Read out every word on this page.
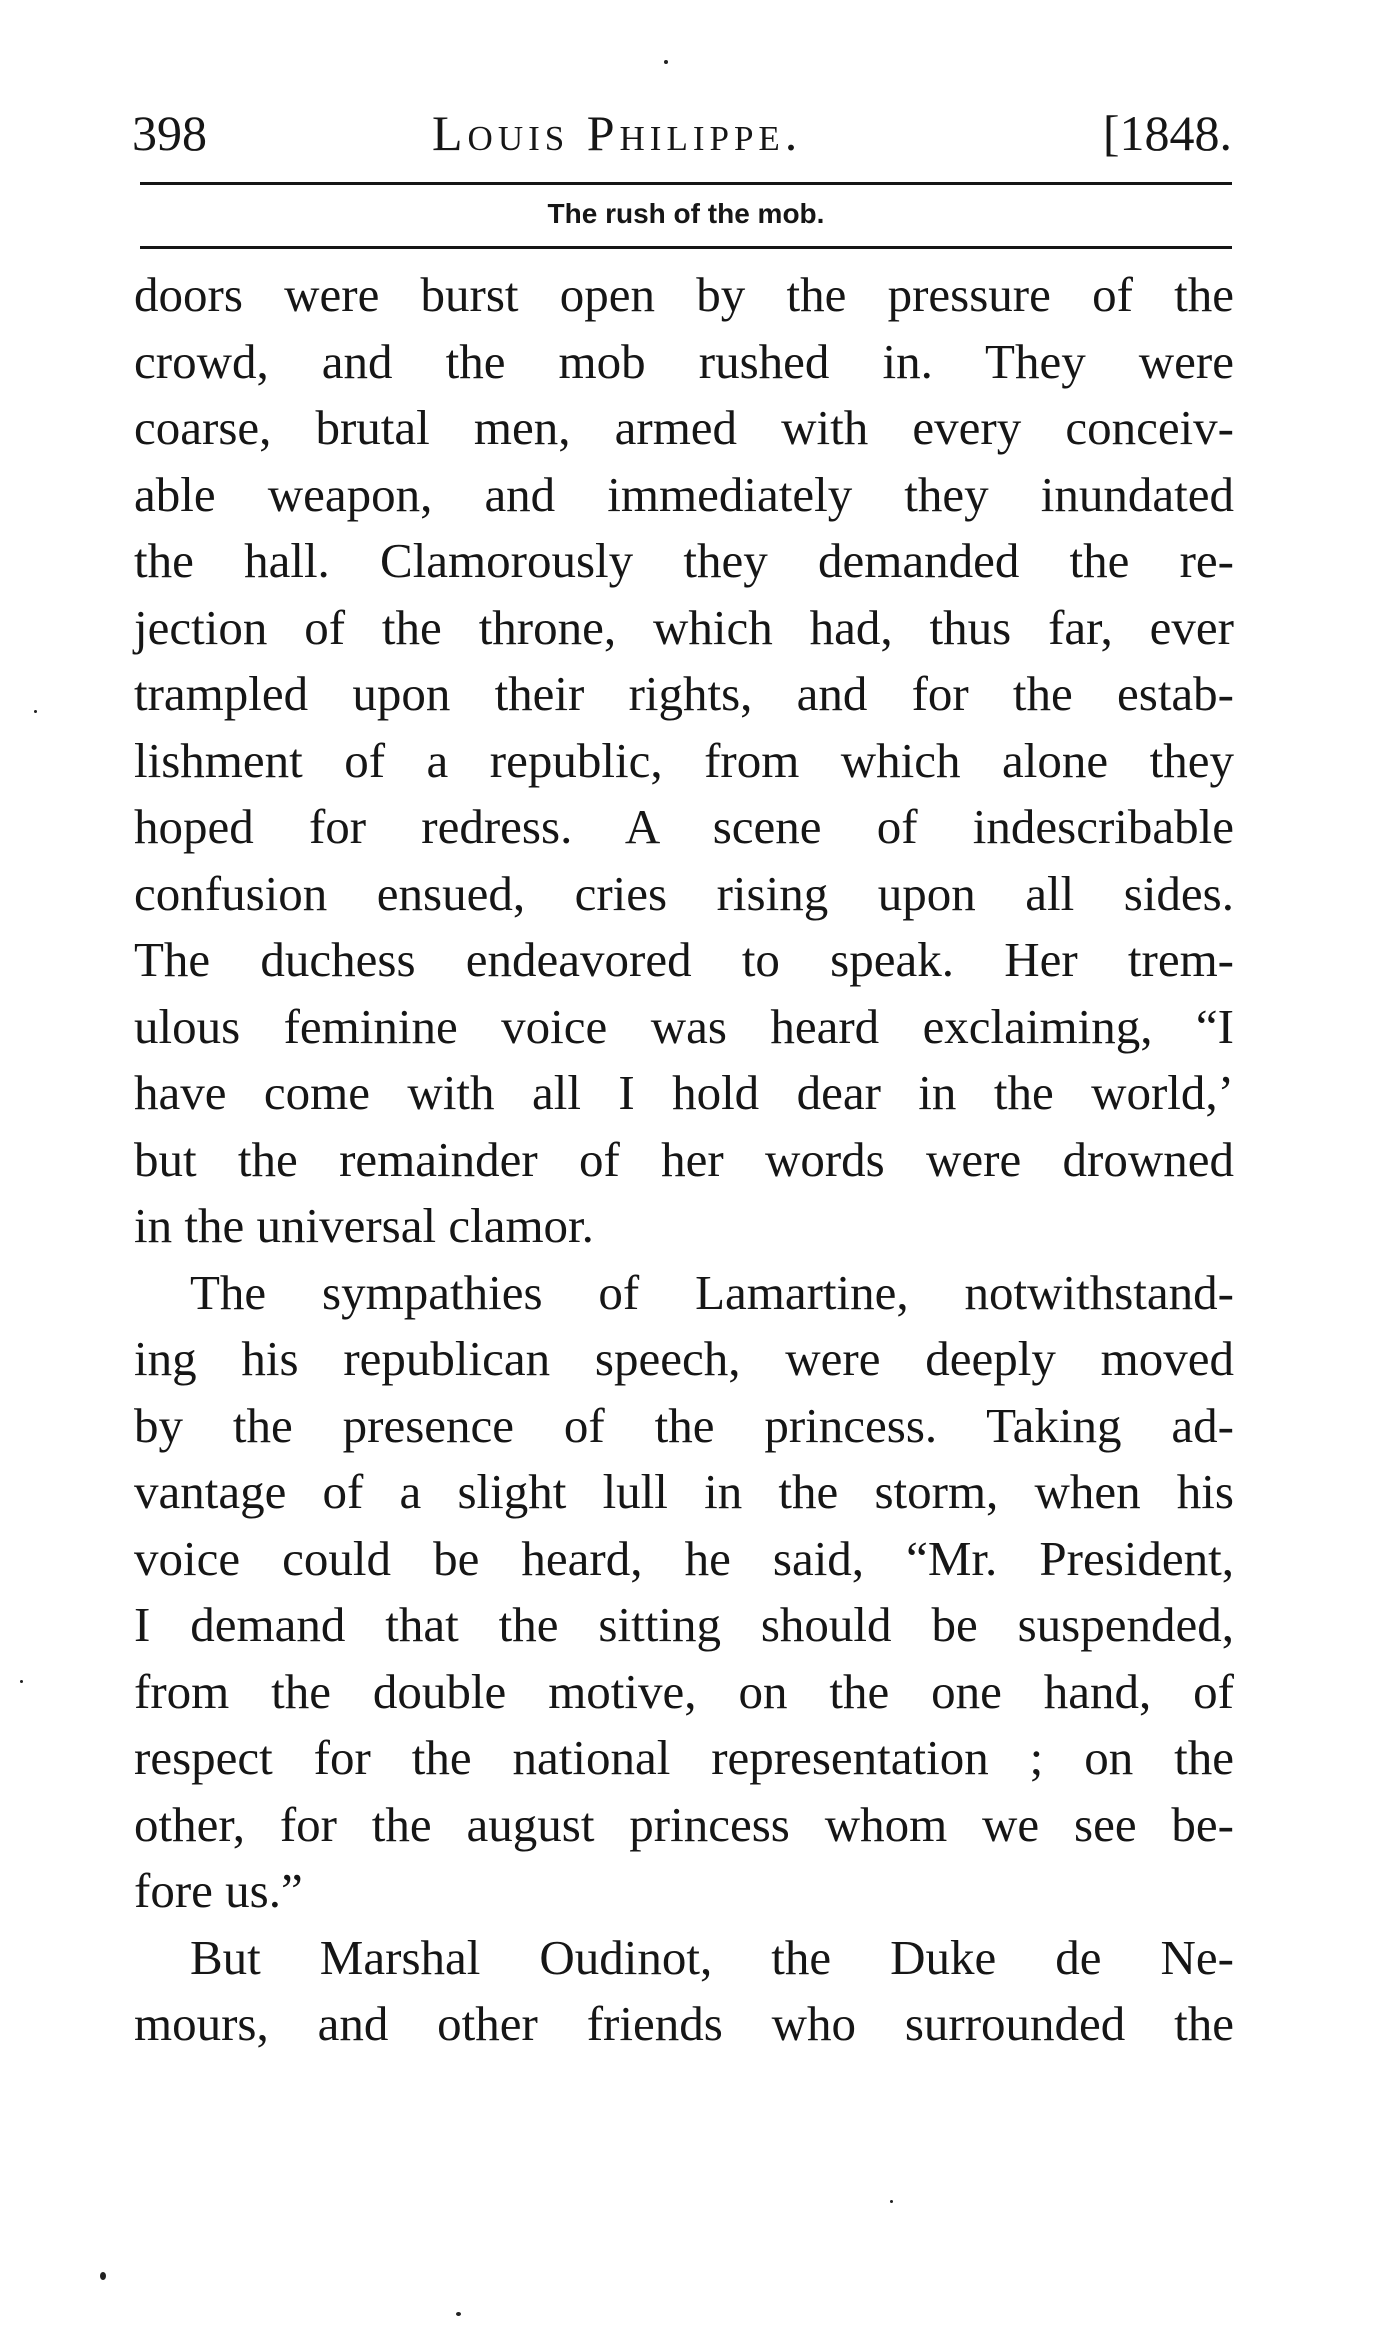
398	Louis Philippe.	[1848.
The rush of the mob.
doors were burst open by the pressure of the
crowd, and the mob rushed in. They were
coarse, brutal men, armed with every conceiv-
able weapon, and immediately they inundated
the hall. Clamorously they demanded the re-
jection of the throne, which had, thus far, ever
trampled upon their rights, and for the estab-
lishment of a republic, from which alone they
hoped for redress. A scene of indescribable
confusion ensued, cries rising upon all sides.
The duchess endeavored to speak. Her trem-
ulous feminine voice was heard exclaiming, “I
have come with all I hold dear in the world,’
but the remainder of her words were drowned
in the universal clamor.
The sympathies of Lamartine, notwithstand-
ing his republican speech, were deeply moved
by the presence of the princess. Taking ad-
vantage of a slight lull in the storm, when his
voice could be heard, he said, “Mr. President,
I demand that the sitting should be suspended,
from the double motive, on the one hand, of
respect for the national representation ; on the
other, for the august princess whom we see be-
fore us.”
But Marshal Oudinot, the Duke de Ne-
mours, and other friends who surrounded the
